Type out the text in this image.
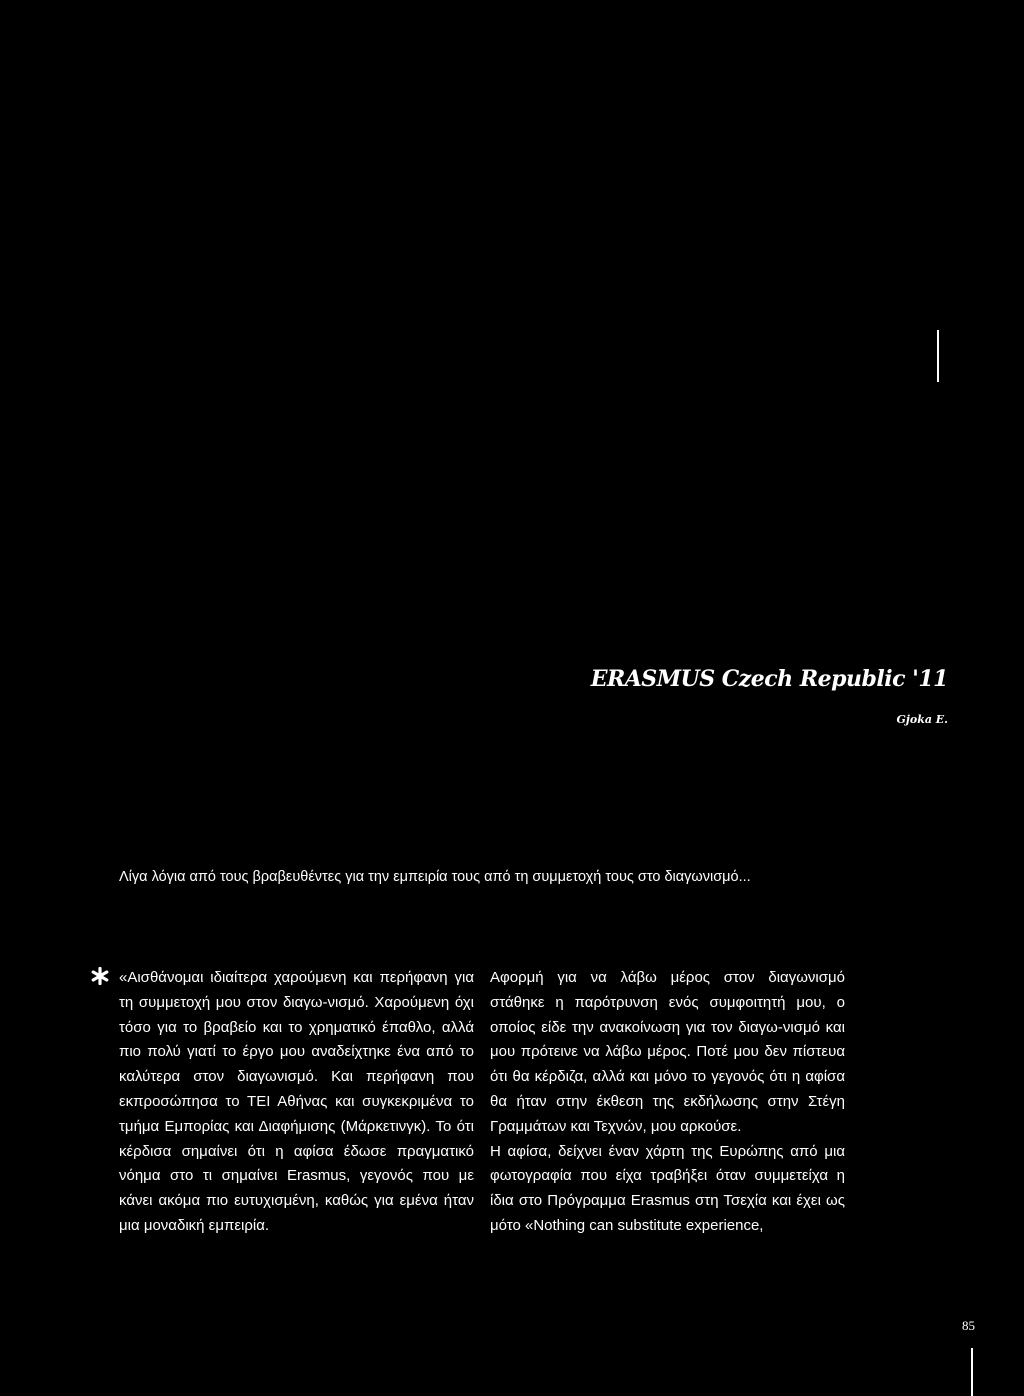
ERASMUS Czech Republic '11
Gjoka E.
Λίγα λόγια από τους βραβευθέντες για την εμπειρία τους από τη συμμετοχή τους στο διαγωνισμό...

«Αισθάνομαι ιδιαίτερα χαρούμενη και περήφανη για τη συμμετοχή μου στον διαγω-νισμό. Χαρούμενη όχι τόσο για το βραβείο και το χρηματικό έπαθλο, αλλά πιο πολύ γιατί το έργο μου αναδείχτηκε ένα από το καλύτερα στον διαγωνισμό. Και περήφανη που εκπροσώπησα το ΤΕΙ Αθήνας και συγκεκριμένα το τμήμα Εμπορίας και Διαφήμισης (Μάρκετινγκ). Το ότι κέρδισα σημαίνει ότι η αφίσα έδωσε πραγματικό νόημα στο τι σημαίνει Erasmus, γεγονός που με κάνει ακόμα πιο ευτυχισμένη, καθώς για εμένα ήταν μια μοναδική εμπειρία.

Αφορμή για να λάβω μέρος στον διαγωνισμό στάθηκε η παρότρυνση ενός συμφοιτητή μου, ο οποίος είδε την ανακοίνωση για τον διαγω-νισμό και μου πρότεινε να λάβω μέρος. Ποτέ μου δεν πίστευα ότι θα κέρδιζα, αλλά και μόνο το γεγονός ότι η αφίσα θα ήταν στην έκθεση της εκδήλωσης στην Στέγη Γραμμάτων και Τεχνών, μου αρκούσε.

Η αφίσα, δείχνει έναν χάρτη της Ευρώπης από μια φωτογραφία που είχα τραβήξει όταν συμμετείχα η ίδια στο Πρόγραμμα Erasmus στη Τσεχία και έχει ως μότο «Nothing can substitute experience,

85
